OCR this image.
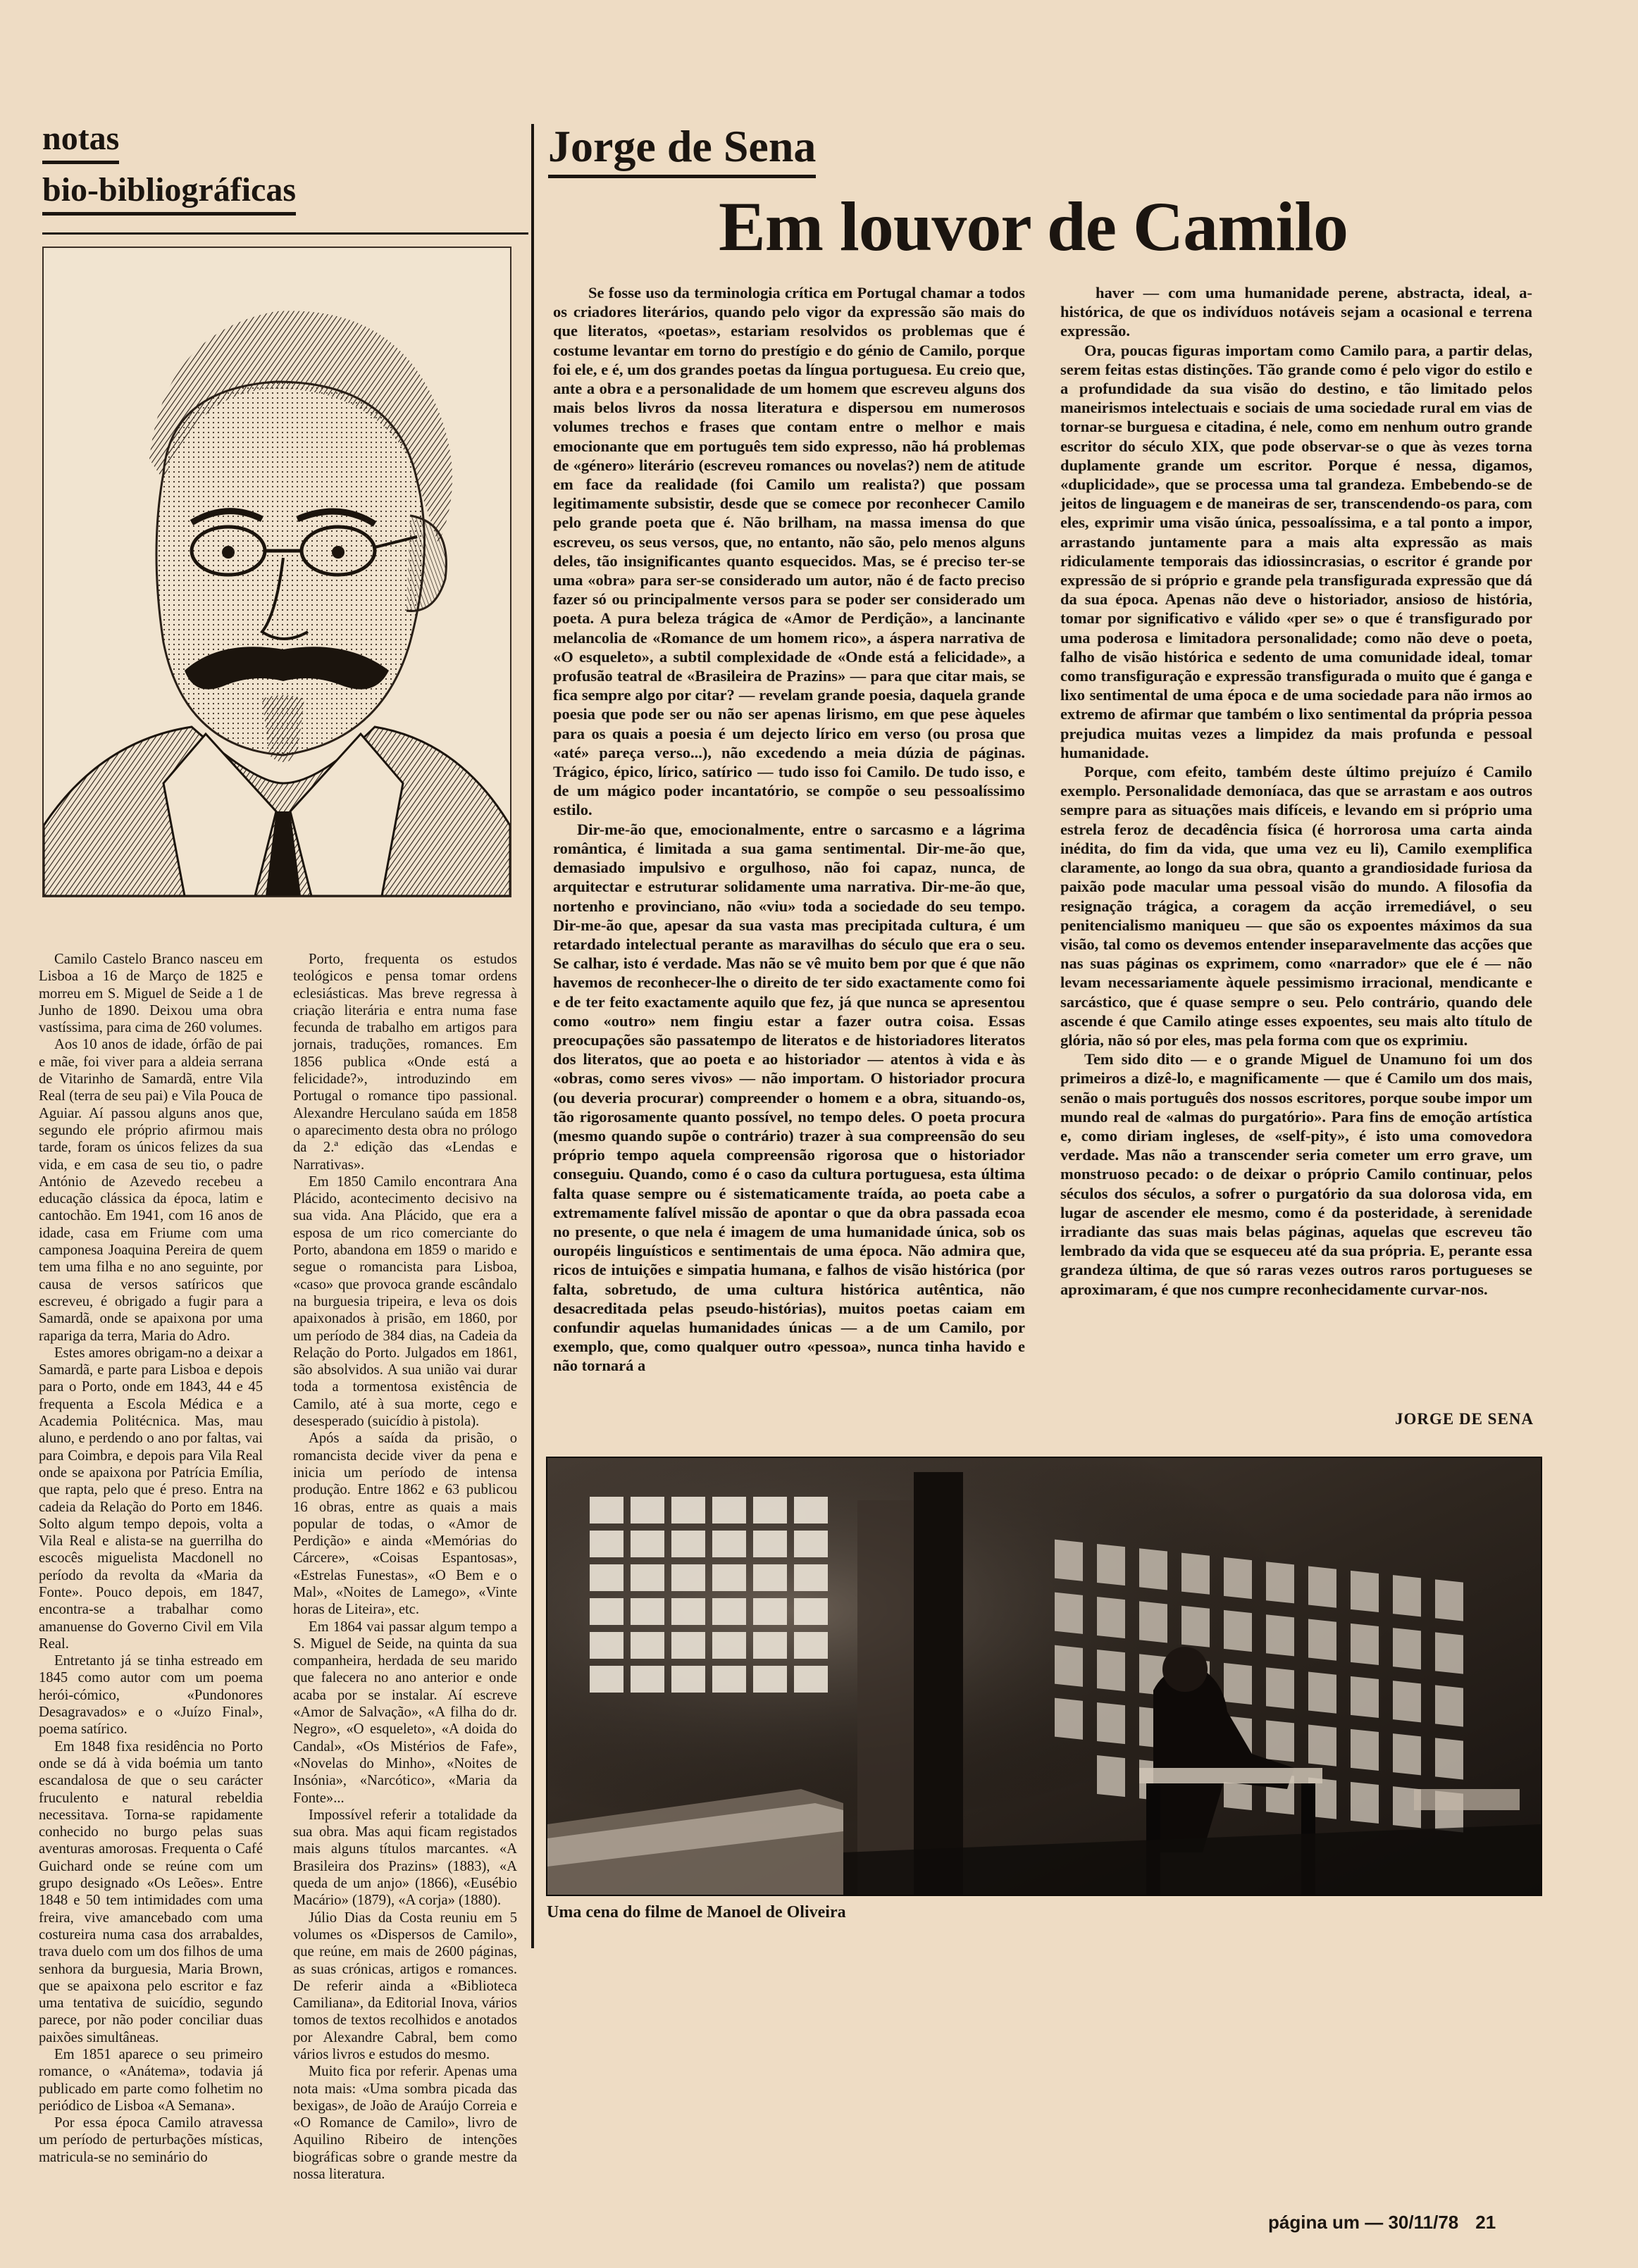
notas
bio-bibliográficas
Jorge de Sena
Em louvor de Camilo

Camilo Castelo Branco nasceu em Lisboa a 16 de Março de 1825 e morreu em S. Miguel de Seide a 1 de Junho de 1890. Deixou uma obra vastíssima, para cima de 260 volumes.

Aos 10 anos de idade, órfão de pai e mãe, foi viver para a aldeia serrana de Vitarinho de Samardã, entre Vila Real (terra de seu pai) e Vila Pouca de Aguiar. Aí passou alguns anos que, segundo ele próprio afirmou mais tarde, foram os únicos felizes da sua vida, e em casa de seu tio, o padre António de Azevedo recebeu a educação clássica da época, latim e cantochão. Em 1941, com 16 anos de idade, casa em Friume com uma camponesa Joaquina Pereira de quem tem uma filha e no ano seguinte, por causa de versos satíricos que escreveu, é obrigado a fugir para a Samardã, onde se apaixona por uma rapariga da terra, Maria do Adro.

Estes amores obrigam-no a deixar a Samardã, e parte para Lisboa e depois para o Porto, onde em 1843, 44 e 45 frequenta a Escola Médica e a Academia Politécnica. Mas, mau aluno, e perdendo o ano por faltas, vai para Coimbra, e depois para Vila Real onde se apaixona por Patrícia Emília, que rapta, pelo que é preso. Entra na cadeia da Relação do Porto em 1846. Solto algum tempo depois, volta a Vila Real e alista-se na guerrilha do escocês miguelista Macdonell no período da revolta da «Maria da Fonte». Pouco depois, em 1847, encontra-se a trabalhar como amanuense do Governo Civil em Vila Real.

Entretanto já se tinha estreado em 1845 como autor com um poema herói-cómico, «Pundonores Desagravados» e o «Juízo Final», poema satírico.

Em 1848 fixa residência no Porto onde se dá à vida boémia um tanto escandalosa de que o seu carácter fruculento e natural rebeldia necessitava. Torna-se rapidamente conhecido no burgo pelas suas aventuras amorosas. Frequenta o Café Guichard onde se reúne com um grupo designado «Os Leões». Entre 1848 e 50 tem intimidades com uma freira, vive amancebado com uma costureira numa casa dos arrabaldes, trava duelo com um dos filhos de uma senhora da burguesia, Maria Brown, que se apaixona pelo escritor e faz uma tentativa de suicídio, segundo parece, por não poder conciliar duas paixões simultâneas.

Em 1851 aparece o seu primeiro romance, o «Anátema», todavia já publicado em parte como folhetim no periódico de Lisboa «A Semana».

Por essa época Camilo atravessa um período de perturbações místicas, matricula-se no seminário do

Porto, frequenta os estudos teológicos e pensa tomar ordens eclesiásticas. Mas breve regressa à criação literária e entra numa fase fecunda de trabalho em artigos para jornais, traduções, romances. Em 1856 publica «Onde está a felicidade?», introduzindo em Portugal o romance tipo passional. Alexandre Herculano saúda em 1858 o aparecimento desta obra no prólogo da 2.ª edição das «Lendas e Narrativas».

Em 1850 Camilo encontrara Ana Plácido, acontecimento decisivo na sua vida. Ana Plácido, que era a esposa de um rico comerciante do Porto, abandona em 1859 o marido e segue o romancista para Lisboa, «caso» que provoca grande escândalo na burguesia tripeira, e leva os dois apaixonados à prisão, em 1860, por um período de 384 dias, na Cadeia da Relação do Porto. Julgados em 1861, são absolvidos. A sua união vai durar toda a tormentosa existência de Camilo, até à sua morte, cego e desesperado (suicídio à pistola).

Após a saída da prisão, o romancista decide viver da pena e inicia um período de intensa produção. Entre 1862 e 63 publicou 16 obras, entre as quais a mais popular de todas, o «Amor de Perdição» e ainda «Memórias do Cárcere», «Coisas Espantosas», «Estrelas Funestas», «O Bem e o Mal», «Noites de Lamego», «Vinte horas de Liteira», etc.

Em 1864 vai passar algum tempo a S. Miguel de Seide, na quinta da sua companheira, herdada de seu marido que falecera no ano anterior e onde acaba por se instalar. Aí escreve «Amor de Salvação», «A filha do dr. Negro», «O esqueleto», «A doida do Candal», «Os Mistérios de Fafe», «Novelas do Minho», «Noites de Insónia», «Narcótico», «Maria da Fonte»...

Impossível referir a totalidade da sua obra. Mas aqui ficam registados mais alguns títulos marcantes. «A Brasileira dos Prazins» (1883), «A queda de um anjo» (1866), «Eusébio Macário» (1879), «A corja» (1880).

Júlio Dias da Costa reuniu em 5 volumes os «Dispersos de Camilo», que reúne, em mais de 2600 páginas, as suas crónicas, artigos e romances. De referir ainda a «Biblioteca Camiliana», da Editorial Inova, vários tomos de textos recolhidos e anotados por Alexandre Cabral, bem como vários livros e estudos do mesmo.

Muito fica por referir. Apenas uma nota mais: «Uma sombra picada das bexigas», de João de Araújo Correia e «O Romance de Camilo», livro de Aquilino Ribeiro de intenções biográficas sobre o grande mestre da nossa literatura.

Se fosse uso da terminologia crítica em Portugal chamar a todos os criadores literários, quando pelo vigor da expressão são mais do que literatos, «poetas», estariam resolvidos os problemas que é costume levantar em torno do prestígio e do génio de Camilo, porque foi ele, e é, um dos grandes poetas da língua portuguesa. Eu creio que, ante a obra e a personalidade de um homem que escreveu alguns dos mais belos livros da nossa literatura e dispersou em numerosos volumes trechos e frases que contam entre o melhor e mais emocionante que em português tem sido expresso, não há problemas de «género» literário (escreveu romances ou novelas?) nem de atitude em face da realidade (foi Camilo um realista?) que possam legitimamente subsistir, desde que se comece por reconhecer Camilo pelo grande poeta que é. Não brilham, na massa imensa do que escreveu, os seus versos, que, no entanto, não são, pelo menos alguns deles, tão insignificantes quanto esquecidos. Mas, se é preciso ter-se uma «obra» para ser-se considerado um autor, não é de facto preciso fazer só ou principalmente versos para se poder ser considerado um poeta. A pura beleza trágica de «Amor de Perdição», a lancinante melancolia de «Romance de um homem rico», a áspera narrativa de «O esqueleto», a subtil complexidade de «Onde está a felicidade», a profusão teatral de «Brasileira de Prazins» — para que citar mais, se fica sempre algo por citar? — revelam grande poesia, daquela grande poesia que pode ser ou não ser apenas lirismo, em que pese àqueles para os quais a poesia é um dejecto lírico em verso (ou prosa que «até» pareça verso...), não excedendo a meia dúzia de páginas. Trágico, épico, lírico, satírico — tudo isso foi Camilo. De tudo isso, e de um mágico poder incantatório, se compõe o seu pessoalíssimo estilo.

Dir-me-ão que, emocionalmente, entre o sarcasmo e a lágrima romântica, é limitada a sua gama sentimental. Dir-me-ão que, demasiado impulsivo e orgulhoso, não foi capaz, nunca, de arquitectar e estruturar solidamente uma narrativa. Dir-me-ão que, nortenho e provinciano, não «viu» toda a sociedade do seu tempo. Dir-me-ão que, apesar da sua vasta mas precipitada cultura, é um retardado intelectual perante as maravilhas do século que era o seu. Se calhar, isto é verdade. Mas não se vê muito bem por que é que não havemos de reconhecer-lhe o direito de ter sido exactamente como foi e de ter feito exactamente aquilo que fez, já que nunca se apresentou como «outro» nem fingiu estar a fazer outra coisa. Essas preocupações são passatempo de literatos e de historiadores literatos dos literatos, que ao poeta e ao historiador — atentos à vida e às «obras, como seres vivos» — não importam. O historiador procura (ou deveria procurar) compreender o homem e a obra, situando-os, tão rigorosamente quanto possível, no tempo deles. O poeta procura (mesmo quando supõe o contrário) trazer à sua compreensão do seu próprio tempo aquela compreensão rigorosa que o historiador conseguiu. Quando, como é o caso da cultura portuguesa, esta última falta quase sempre ou é sistematicamente traída, ao poeta cabe a extremamente falível missão de apontar o que da obra passada ecoa no presente, o que nela é imagem de uma humanidade única, sob os ouropéis linguísticos e sentimentais de uma época. Não admira que, ricos de intuições e simpatia humana, e falhos de visão histórica (por falta, sobretudo, de uma cultura histórica autêntica, não desacreditada pelas pseudo-histórias), muitos poetas caiam em confundir aquelas humanidades únicas — a de um Camilo, por exemplo, que, como qualquer outro «pessoa», nunca tinha havido e não tornará a

haver — com uma humanidade perene, abstracta, ideal, a-histórica, de que os indivíduos notáveis sejam a ocasional e terrena expressão.

Ora, poucas figuras importam como Camilo para, a partir delas, serem feitas estas distinções. Tão grande como é pelo vigor do estilo e a profundidade da sua visão do destino, e tão limitado pelos maneirismos intelectuais e sociais de uma sociedade rural em vias de tornar-se burguesa e citadina, é nele, como em nenhum outro grande escritor do século XIX, que pode observar-se o que às vezes torna duplamente grande um escritor. Porque é nessa, digamos, «duplicidade», que se processa uma tal grandeza. Embebendo-se de jeitos de linguagem e de maneiras de ser, transcendendo-os para, com eles, exprimir uma visão única, pessoalíssima, e a tal ponto a impor, arrastando juntamente para a mais alta expressão as mais ridiculamente temporais das idiossincrasias, o escritor é grande por expressão de si próprio e grande pela transfigurada expressão que dá da sua época. Apenas não deve o historiador, ansioso de história, tomar por significativo e válido «per se» o que é transfigurado por uma poderosa e limitadora personalidade; como não deve o poeta, falho de visão histórica e sedento de uma comunidade ideal, tomar como transfiguração e expressão transfigurada o muito que é ganga e lixo sentimental de uma época e de uma sociedade para não irmos ao extremo de afirmar que também o lixo sentimental da própria pessoa prejudica muitas vezes a limpidez da mais profunda e pessoal humanidade.

Porque, com efeito, também deste último prejuízo é Camilo exemplo. Personalidade demoníaca, das que se arrastam e aos outros sempre para as situações mais difíceis, e levando em si próprio uma estrela feroz de decadência física (é horrorosa uma carta ainda inédita, do fim da vida, que uma vez eu li), Camilo exemplifica claramente, ao longo da sua obra, quanto a grandiosidade furiosa da paixão pode macular uma pessoal visão do mundo. A filosofia da resignação trágica, a coragem da acção irremediável, o seu penitencialismo maniqueu — que são os expoentes máximos da sua visão, tal como os devemos entender inseparavelmente das acções que nas suas páginas os exprimem, como «narrador» que ele é — não levam necessariamente àquele pessimismo irracional, mendicante e sarcástico, que é quase sempre o seu. Pelo contrário, quando dele ascende é que Camilo atinge esses expoentes, seu mais alto título de glória, não só por eles, mas pela forma com que os exprimiu.

Tem sido dito — e o grande Miguel de Unamuno foi um dos primeiros a dizê-lo, e magnificamente — que é Camilo um dos mais, senão o mais português dos nossos escritores, porque soube impor um mundo real de «almas do purgatório». Para fins de emoção artística e, como diriam ingleses, de «self-pity», é isto uma comovedora verdade. Mas não a transcender seria cometer um erro grave, um monstruoso pecado: o de deixar o próprio Camilo continuar, pelos séculos dos séculos, a sofrer o purgatório da sua dolorosa vida, em lugar de ascender ele mesmo, como é da posteridade, à serenidade irradiante das suas mais belas páginas, aquelas que escreveu tão lembrado da vida que se esqueceu até da sua própria. E, perante essa grandeza última, de que só raras vezes outros raros portugueses se aproximaram, é que nos cumpre reconhecidamente curvar-nos.

JORGE DE SENA
Uma cena do filme de Manoel de Oliveira
página um — 30/11/78 21
